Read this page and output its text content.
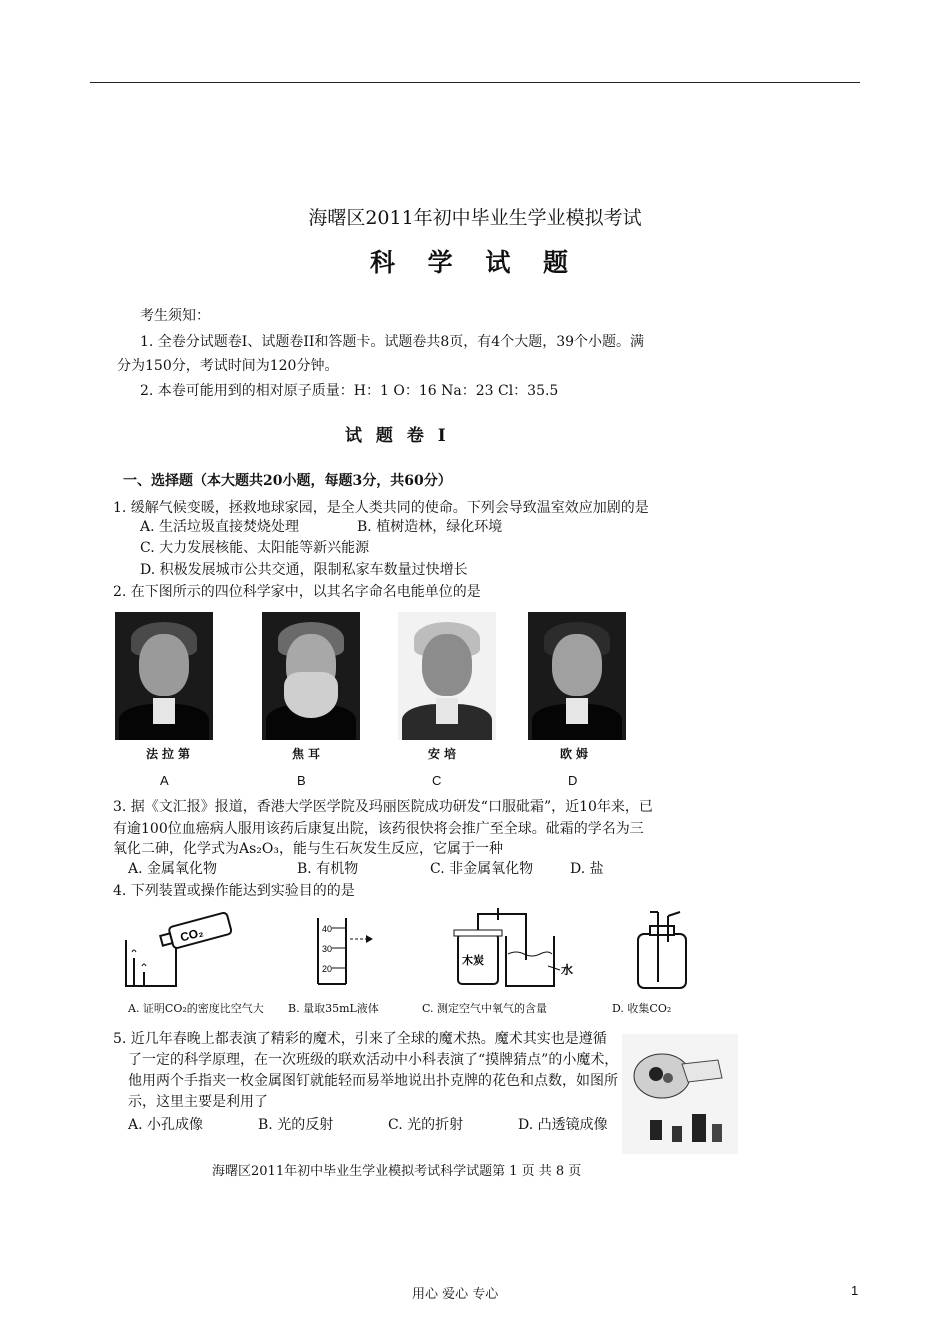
海曙区2011年初中毕业生学业模拟考试
科 学 试 题
考生须知：
1. 全卷分试题卷I、试题卷II和答题卡。试题卷共8页，有4个大题，39个小题。满
分为150分，考试时间为120分钟。
2. 本卷可能用到的相对原子质量：H：1 O：16 Na：23 Cl：35.5
试 题 卷 Ⅰ
一、选择题（本大题共20小题，每题3分，共60分）
1. 缓解气候变暖，拯救地球家园，是全人类共同的使命。下列会导致温室效应加剧的是
A. 生活垃圾直接焚烧处理	B. 植树造林，绿化环境
C. 大力发展核能、太阳能等新兴能源
D. 积极发展城市公共交通，限制私家车数量过快增长
2. 在下图所示的四位科学家中，以其名字命名电能单位的是
法拉第	焦耳	安培	欧姆
A	B	C	D
3. 据《文汇报》报道，香港大学医学院及玛丽医院成功研发“口服砒霜”，近10年来，已
有逾100位血癌病人服用该药后康复出院，该药很快将会推广至全球。砒霜的学名为三
氧化二砷，化学式为As₂O₃，能与生石灰发生反应，它属于一种
A. 金属氧化物	B. 有机物	C. 非金属氧化物	D. 盐
4. 下列装置或操作能达到实验目的的是
CO₂	40
30
20
木炭
水
A. 证明CO₂的密度比空气大 B. 量取35mL液体	C. 测定空气中氧气的含量	D. 收集CO₂
5. 近几年春晚上都表演了精彩的魔术，引来了全球的魔术热。魔术其实也是遵循
了一定的科学原理，在一次班级的联欢活动中小科表演了“摸牌猜点”的小魔术，
他用两个手指夹一枚金属图钉就能轻而易举地说出扑克牌的花色和点数，如图所
示，这里主要是利用了
A. 小孔成像	B. 光的反射	C. 光的折射	D. 凸透镜成像
海曙区2011年初中毕业生学业模拟考试科学试题第 1 页 共 8 页
用心 爱心 专心	1
